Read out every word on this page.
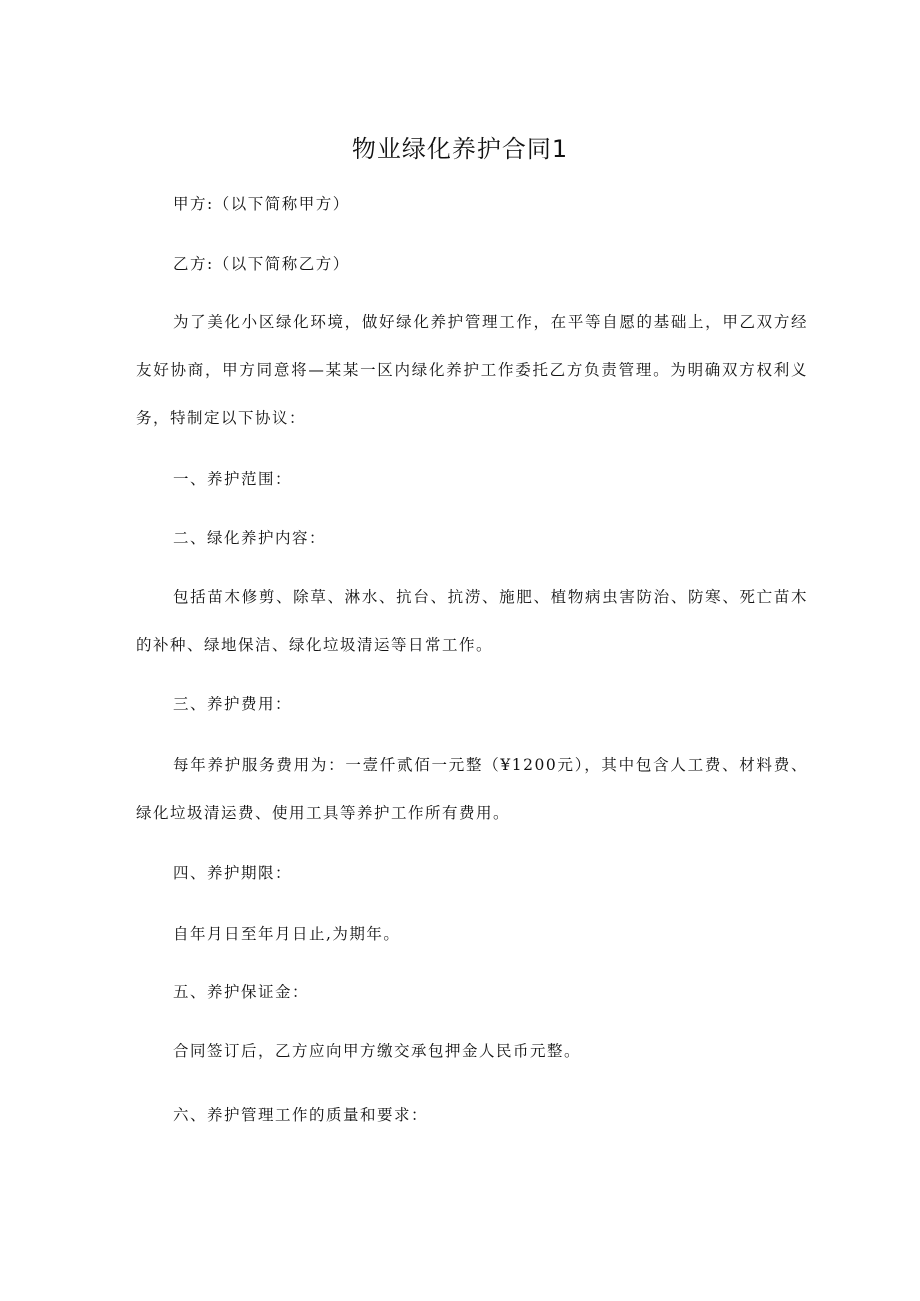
物业绿化养护合同1

甲方:（以下简称甲方）

乙方:（以下简称乙方）

为了美化小区绿化环境，做好绿化养护管理工作，在平等自愿的基础上，甲乙双方经友好协商，甲方同意将—某某一区内绿化养护工作委托乙方负责管理。为明确双方权利义务，特制定以下协议：

一、养护范围：

二、绿化养护内容：

包括苗木修剪、除草、淋水、抗台、抗涝、施肥、植物病虫害防治、防寒、死亡苗木的补种、绿地保洁、绿化垃圾清运等日常工作。

三、养护费用：

每年养护服务费用为：一壹仟贰佰一元整（¥1200元），其中包含人工费、材料费、绿化垃圾清运费、使用工具等养护工作所有费用。

四、养护期限：

自年月日至年月日止,为期年。

五、养护保证金：

合同签订后，乙方应向甲方缴交承包押金人民币元整。

六、养护管理工作的质量和要求：
